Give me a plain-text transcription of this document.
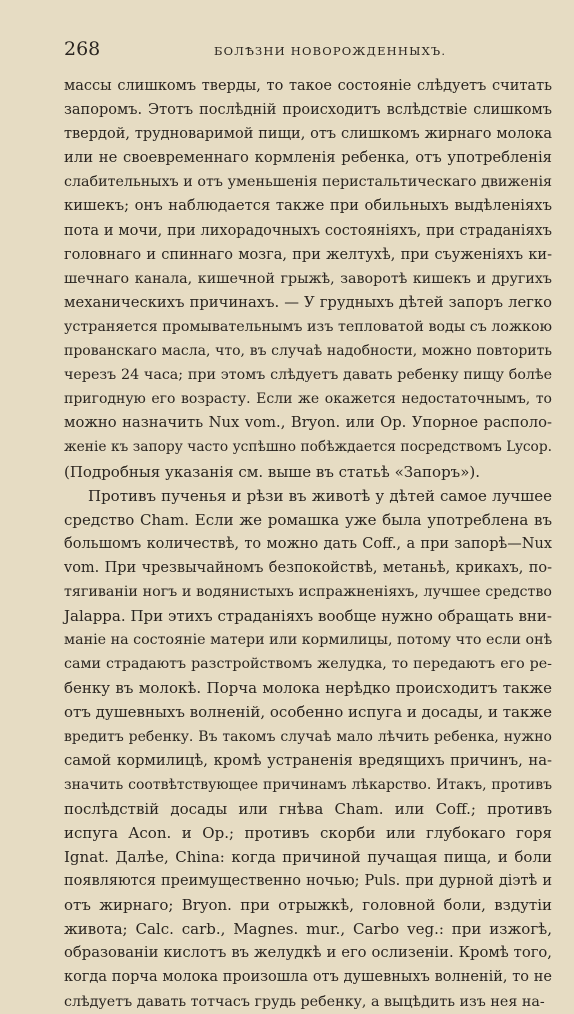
268	БОЛѢЗНИ НОВОРОЖДЕННЫХЪ.
массы слишкомъ тверды, то такое состояніе слѣдуетъ считать
запоромъ. Этотъ послѣдній происходитъ вслѣдствіе слишкомъ
твердой, трудноваримой пищи, отъ слишкомъ жирнаго молока
или не своевременнаго кормленія ребенка, отъ употребленія
слабительныхъ и отъ уменьшенія перистальтическаго движенія
кишекъ; онъ наблюдается также при обильныхъ выдѣленіяхъ
пота и мочи, при лихорадочныхъ состояніяхъ, при страданіяхъ
головнаго и спиннаго мозга, при желтухѣ, при съуженіяхъ ки-
шечнаго канала, кишечной грыжѣ, заворотѣ кишекъ и другихъ
механическихъ причинахъ. — У грудныхъ дѣтей запоръ легко
устраняется промывательнымъ изъ тепловатой воды съ ложкою
прованскаго масла, что, въ случаѣ надобности, можно повторить
черезъ 24 часа; при этомъ слѣдуетъ давать ребенку пищу болѣе
пригодную его возрасту. Если же окажется недостаточнымъ, то
можно назначить Nux vom., Bryon. или Op. Упорное располо-
женіе къ запору часто успѣшно побѣждается посредствомъ Lycop.
(Подробныя указанія см. выше въ статьѣ «Запоръ»).
Противъ пученья и рѣзи въ животѣ у дѣтей самое лучшее
средство Cham. Если же ромашка уже была употреблена въ
большомъ количествѣ, то можно дать Coff., а при запорѣ—Nux
vom. При чрезвычайномъ безпокойствѣ, метаньѣ, крикахъ, по-
тягиваніи ногъ и водянистыхъ испражненіяхъ, лучшее средство
Jalappa. При этихъ страданіяхъ вообще нужно обращать вни-
маніе на состояніе матери или кормилицы, потому что если онѣ
сами страдаютъ разстройствомъ желудка, то передаютъ его ре-
бенку въ молокѣ. Порча молока нерѣдко происходитъ также
отъ душевныхъ волненій, особенно испуга и досады, и также
вредитъ ребенку. Въ такомъ случаѣ мало лѣчить ребенка, нужно
самой кормилицѣ, кромѣ устраненія вредящихъ причинъ, на-
значить соотвѣтствующее причинамъ лѣкарство. Итакъ, противъ
послѣдствій досады или гнѣва Cham. или Coff.; противъ
испуга Acon. и Op.; противъ скорби или глубокаго горя
Ignat. Далѣе, China: когда причиной пучащая пища, и боли
появляются преимущественно ночью; Puls. при дурной діэтѣ и
отъ жирнаго; Bryon. при отрыжкѣ, головной боли, вздутіи
живота; Calc. carb., Magnes. mur., Carbo veg.: при изжогѣ,
образованіи кислотъ въ желудкѣ и его ослизеніи. Кромѣ того,
когда порча молока произошла отъ душевныхъ волненій, то не
слѣдуетъ давать тотчасъ грудь ребенку, а выцѣдить изъ нея на-
